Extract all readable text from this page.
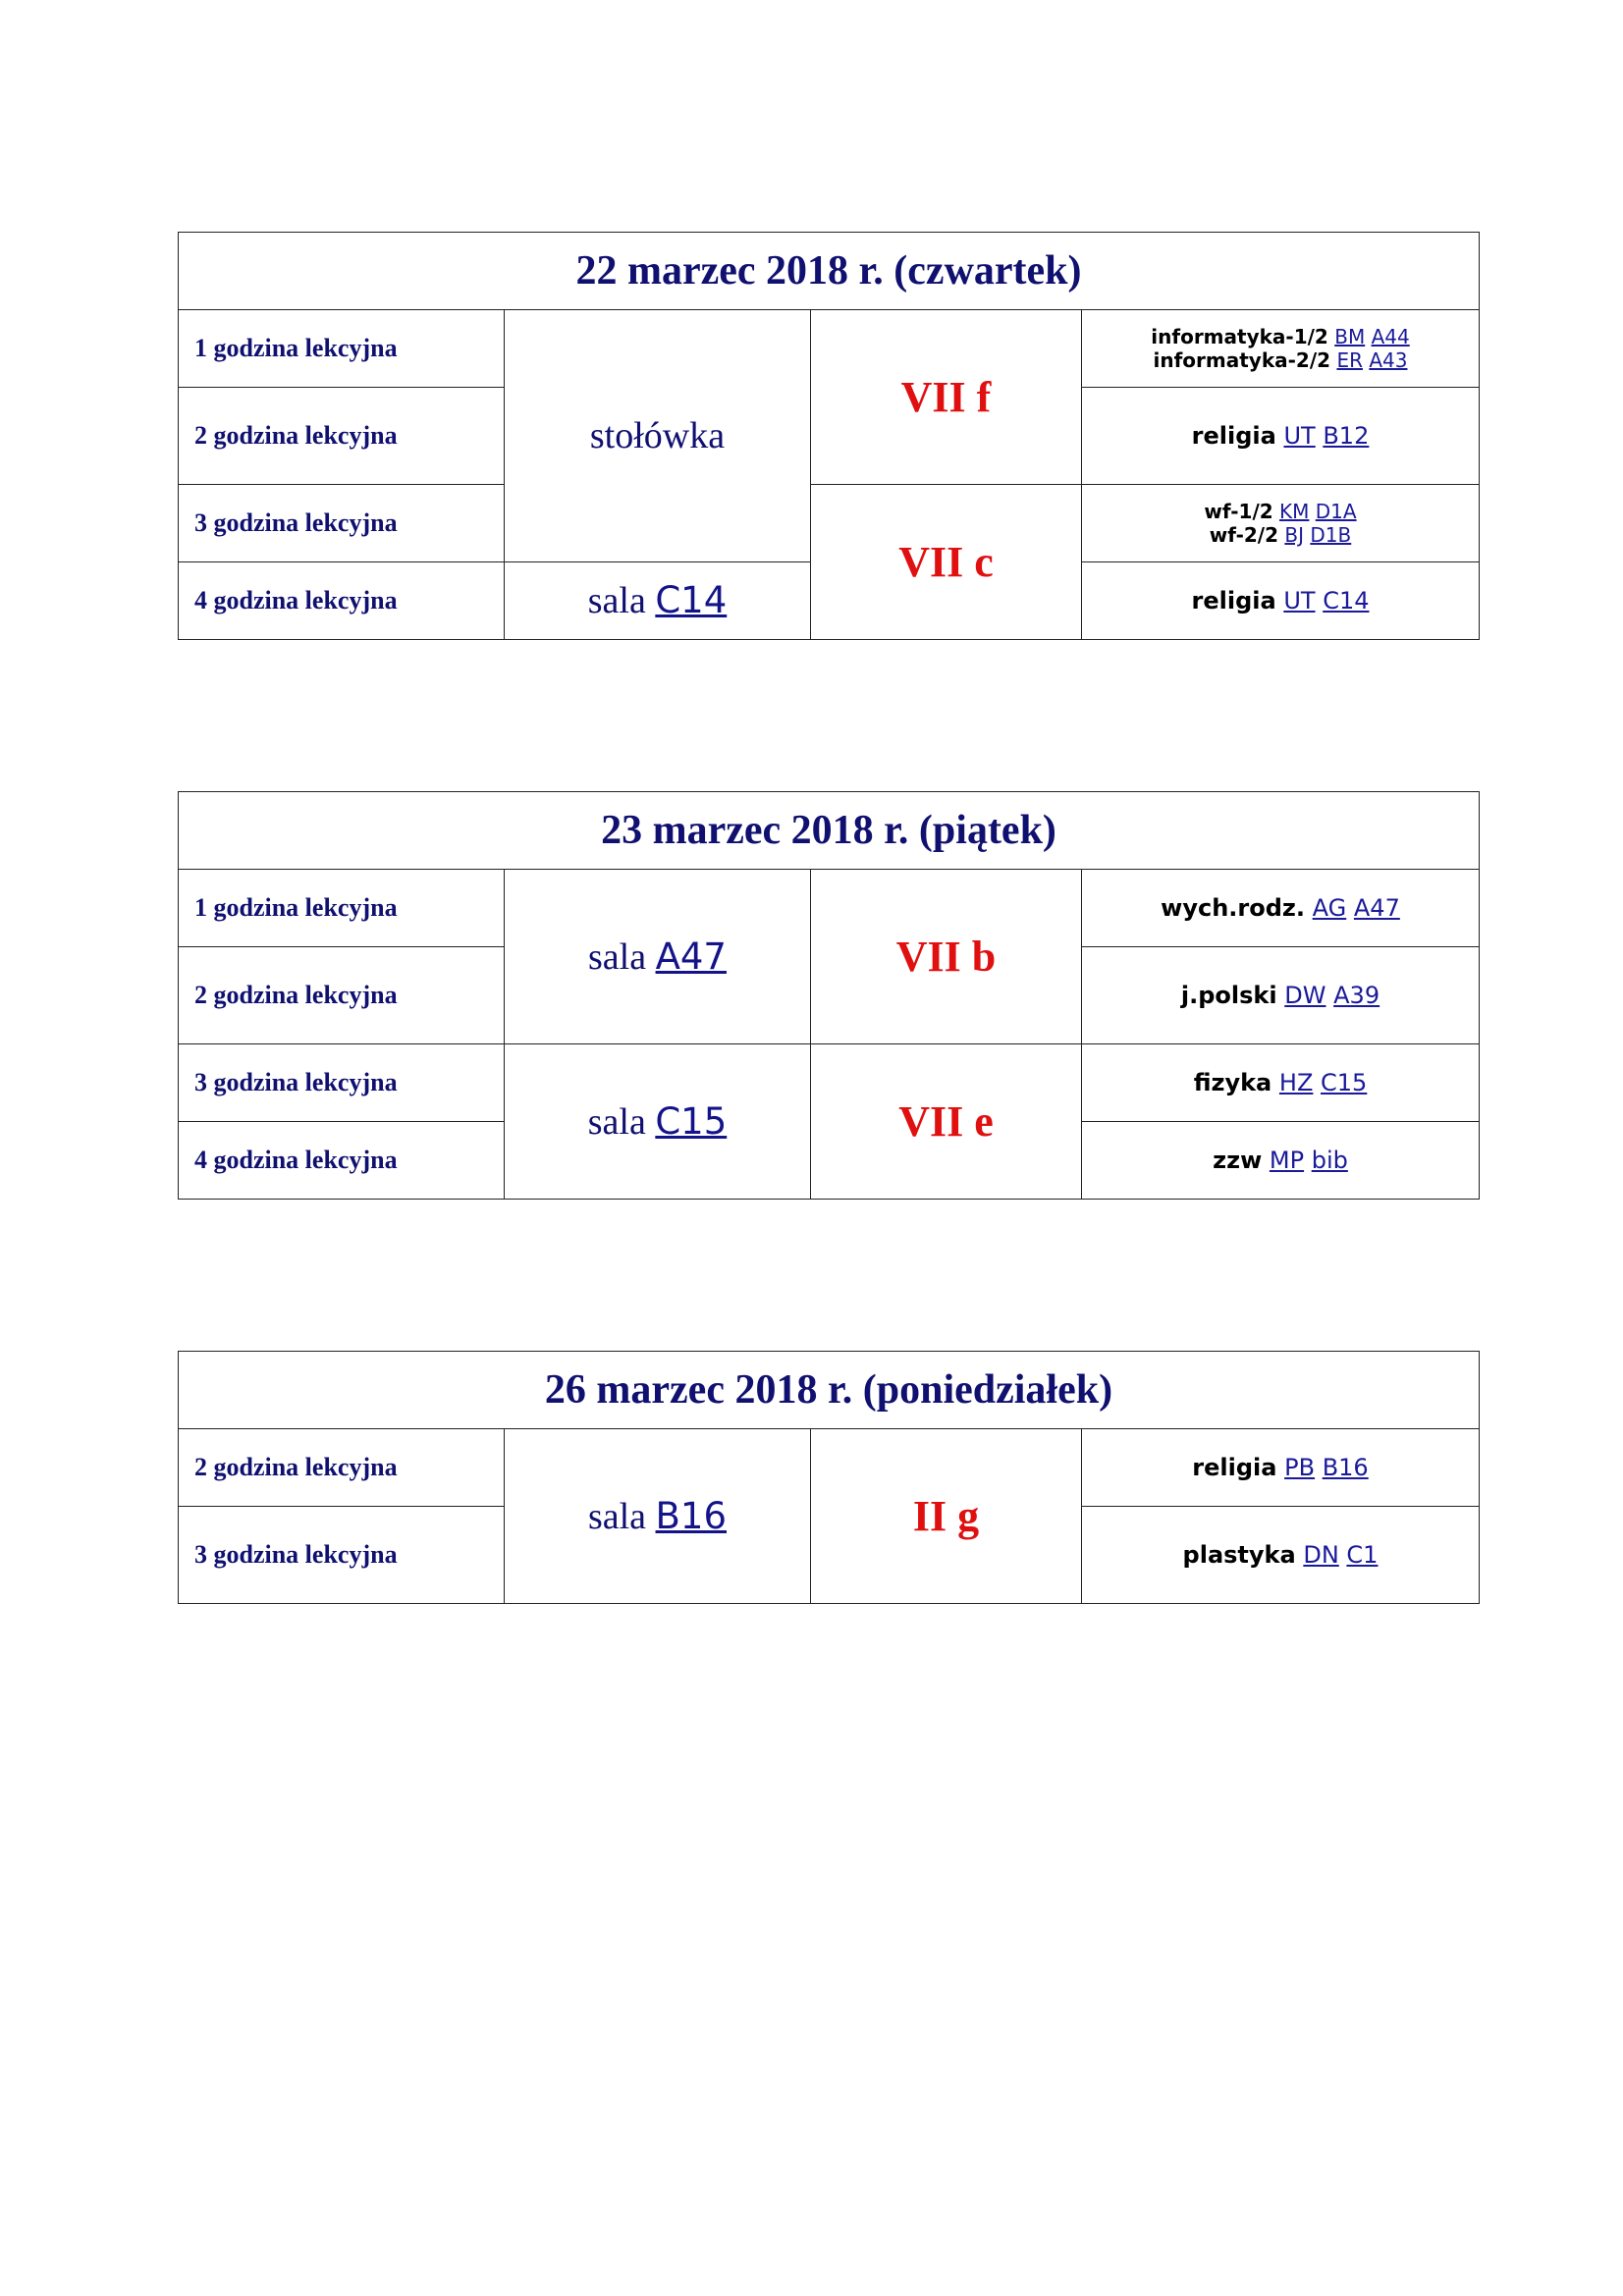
22 marzec 2018 r. (czwartek)			
1 godzina lekcyjna	stołówka	VII f	informatyka-1/2 BM A44
informatyka-2/2 ER A43

2 godzina lekcyjna			religia UT B12
3 godzina lekcyjna		VII c	wf-1/2 KM D1A
wf-2/2 BJ D1B

4 godzina lekcyjna	sala C14		religia UT C14
23 marzec 2018 r. (piątek)			
1 godzina lekcyjna	sala A47	VII b	wych.rodz. AG A47
2 godzina lekcyjna			j.polski DW A39
3 godzina lekcyjna	sala C15	VII e	fizyka HZ C15
4 godzina lekcyjna			zzw MP bib
26 marzec 2018 r. (poniedziałek)			
2 godzina lekcyjna	sala B16	II g	religia PB B16
3 godzina lekcyjna			plastyka DN C1
